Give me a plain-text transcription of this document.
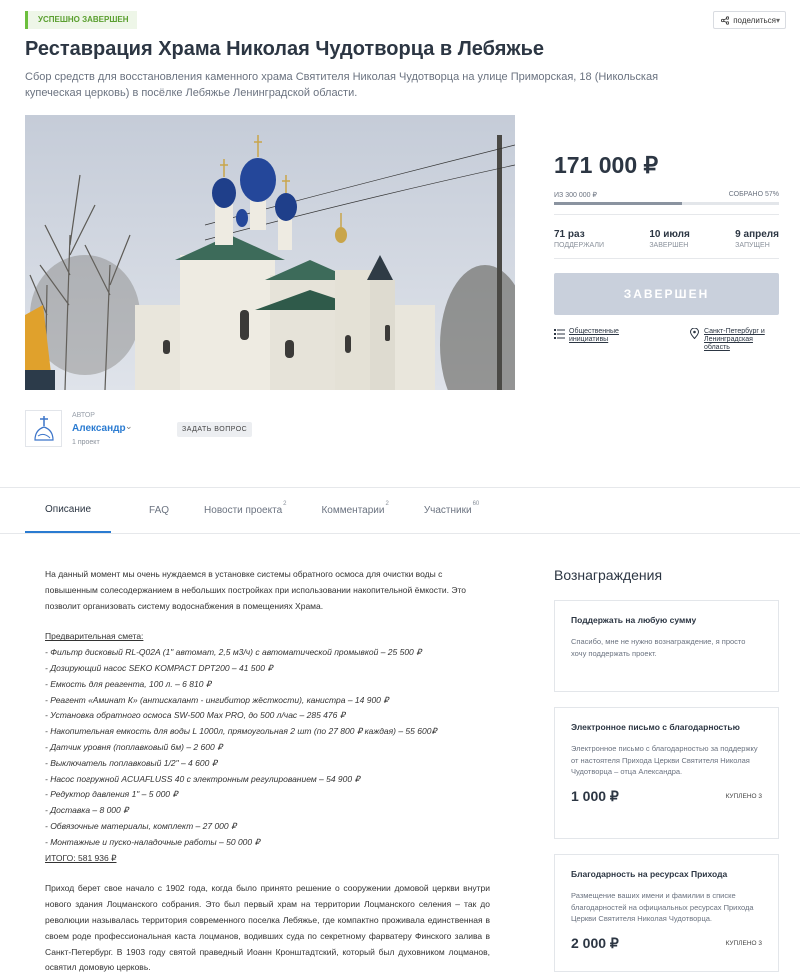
УСПЕШНО ЗАВЕРШЕН	поделиться ▾
Реставрация Храма Николая Чудотворца в Лебяжье
Сбор средств для восстановления каменного храма Святителя Николая Чудотворца на улице Приморская, 18 (Никольская купеческая церковь) в посёлке Лебяжье Ленинградской области.
171 000 ₽
ИЗ 300 000 ₽	СОБРАНО 57%
71 раз
ПОДДЕРЖАЛИ
10 июля
ЗАВЕРШЕН
9 апреля
ЗАПУЩЕН
ЗАВЕРШЕН
Общественные инициативы
Санкт-Петербург и Ленинградская область
АВТОР
Александр ⌄
1 проект
ЗАДАТЬ ВОПРОС
Описание	FAQ	Новости проекта
$^2$
Комментарии
$^2$
Участники
$^{60}$

На данный момент мы очень нуждаемся в установке системы обратного осмоса для очистки воды с повышенным солесодержанием в небольших постройках при использовании накопительной ёмкости. Это позволит организовать систему водоснабжения в помещениях Храма.

Предварительная смета:
- Фильтр дисковый RL-Q02A (1" автомат, 2,5 м3/ч) с автоматической промывкой – 25 500 ₽
- Дозирующий насос SEKO KOMPACT DPT200 – 41 500 ₽
- Емкость для реагента, 100 л. – 6 810 ₽
- Реагент «Аминат К» (антискалант - ингибитор жёсткости), канистра – 14 900 ₽
- Установка обратного осмоса SW-500 Max PRO, до 500 л/час – 285 476 ₽
- Накопительная емкость для воды L 1000л, прямоугольная 2 шт (по 27 800 ₽ каждая) – 55 600₽
- Датчик уровня (поплавковый 6м) – 2 600 ₽
- Выключатель поплавковый 1/2" – 4 600 ₽
- Насос погружной ACUAFLUSS 40 с электронным регулированием – 54 900 ₽
- Редуктор давления 1" – 5 000 ₽
- Доставка – 8 000 ₽
- Обвязочные материалы, комплект – 27 000 ₽
- Монтажные и пуско-наладочные работы – 50 000 ₽

ИТОГО: 581 936 ₽

Приход берет свое начало с 1902 года, когда было принято решение о сооружении домовой церкви внутри нового здания Лоцманского собрания. Это был первый храм на территории Лоцманского селения – так до революции называлась территория современного поселка Лебяжье, где компактно проживала единственная в своем роде профессиональная каста лоцманов, водивших суда по секретному фарватеру Финского залива в Санкт-Петербург. В 1903 году святой праведный Иоанн Кронштадтский, который был духовником лоцманов, освятил домовую церковь.

Вознаграждения
Поддержать на любую сумму
Спасибо, мне не нужно вознаграждение, я просто хочу поддержать проект.
Электронное письмо с благодарностью
Электронное письмо с благодарностью за поддержку от настоятеля Прихода Церкви Святителя Николая Чудотворца – отца Александра.
1 000 ₽	КУПЛЕНО 3
Благодарность на ресурсах Прихода
Размещение ваших имени и фамилии в списке благодарностей на официальных ресурсах Прихода Церкви Святителя Николая Чудотворца.
2 000 ₽	КУПЛЕНО 3
